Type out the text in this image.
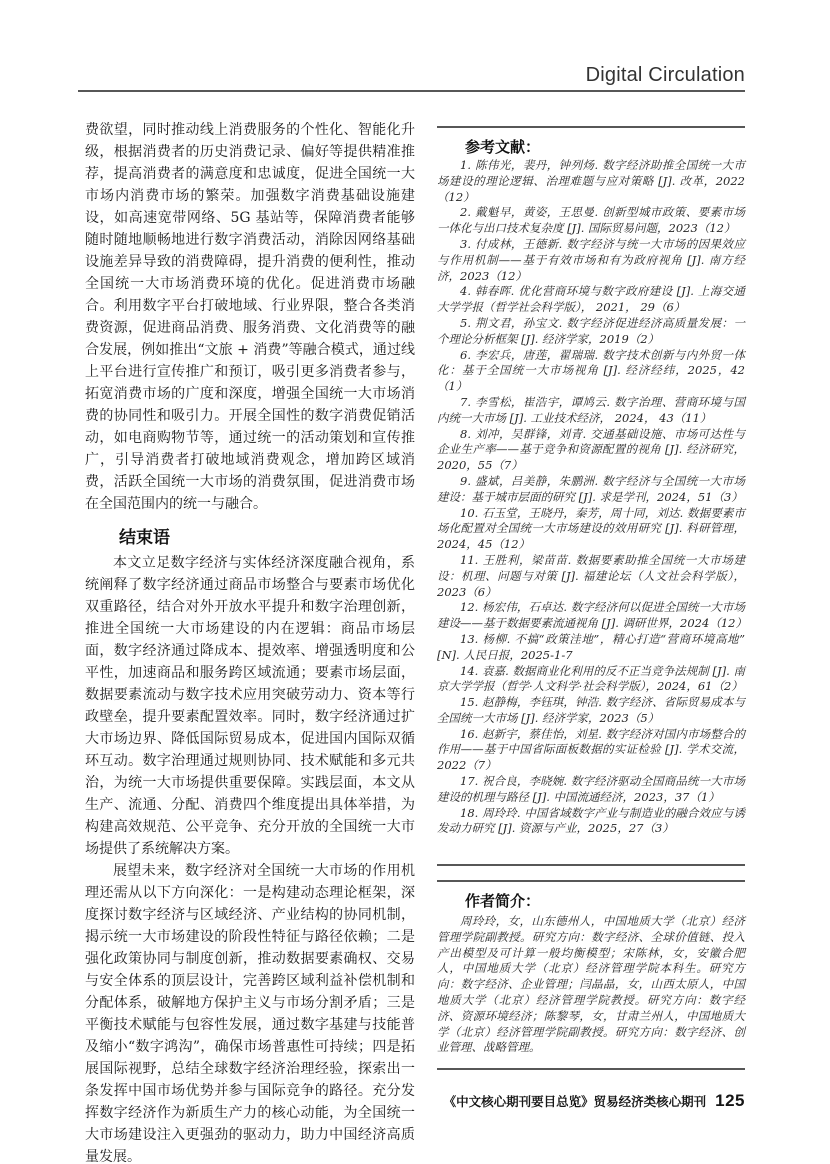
Digital Circulation

费欲望，同时推动线上消费服务的个性化、智能化升级，根据消费者的历史消费记录、偏好等提供精准推荐，提高消费者的满意度和忠诚度，促进全国统一大市场内消费市场的繁荣。加强数字消费基础设施建设，如高速宽带网络、5G 基站等，保障消费者能够随时随地顺畅地进行数字消费活动，消除因网络基础设施差异导致的消费障碍，提升消费的便利性，推动全国统一大市场消费环境的优化。促进消费市场融合。利用数字平台打破地域、行业界限，整合各类消费资源，促进商品消费、服务消费、文化消费等的融合发展，例如推出“文旅 + 消费”等融合模式，通过线上平台进行宣传推广和预订，吸引更多消费者参与，拓宽消费市场的广度和深度，增强全国统一大市场消费的协同性和吸引力。开展全国性的数字消费促销活动，如电商购物节等，通过统一的活动策划和宣传推广，引导消费者打破地域消费观念，增加跨区域消费，活跃全国统一大市场的消费氛围，促进消费市场在全国范围内的统一与融合。

结束语

本文立足数字经济与实体经济深度融合视角，系统阐释了数字经济通过商品市场整合与要素市场优化双重路径，结合对外开放水平提升和数字治理创新，推进全国统一大市场建设的内在逻辑：商品市场层面，数字经济通过降成本、提效率、增强透明度和公平性，加速商品和服务跨区域流通；要素市场层面，数据要素流动与数字技术应用突破劳动力、资本等行政壁垒，提升要素配置效率。同时，数字经济通过扩大市场边界、降低国际贸易成本，促进国内国际双循环互动。数字治理通过规则协同、技术赋能和多元共治，为统一大市场提供重要保障。实践层面，本文从生产、流通、分配、消费四个维度提出具体举措，为构建高效规范、公平竞争、充分开放的全国统一大市场提供了系统解决方案。

展望未来，数字经济对全国统一大市场的作用机理还需从以下方向深化：一是构建动态理论框架，深度探讨数字经济与区域经济、产业结构的协同机制，揭示统一大市场建设的阶段性特征与路径依赖；二是强化政策协同与制度创新，推动数据要素确权、交易与安全体系的顶层设计，完善跨区域利益补偿机制和分配体系，破解地方保护主义与市场分割矛盾；三是平衡技术赋能与包容性发展，通过数字基建与技能普及缩小“数字鸿沟”，确保市场普惠性可持续；四是拓展国际视野，总结全球数字经济治理经验，探索出一条发挥中国市场优势并参与国际竞争的路径。充分发挥数字经济作为新质生产力的核心动能，为全国统一大市场建设注入更强劲的驱动力，助力中国经济高质量发展。

参考文献：

1. 陈伟光，裴丹，钟列炀. 数字经济助推全国统一大市场建设的理论逻辑、治理难题与应对策略 [J]. 改革，2022（12）

2. 戴魁早，黄姿，王思曼. 创新型城市政策、要素市场一体化与出口技术复杂度 [J]. 国际贸易问题，2023（12）

3. 付成林，王德新. 数字经济与统一大市场的因果效应与作用机制——基于有效市场和有为政府视角 [J]. 南方经济，2023（12）

4. 韩春晖. 优化营商环境与数字政府建设 [J]. 上海交通大学学报（哲学社会科学版）， 2021， 29（6）

5. 荆文君，孙宝文. 数字经济促进经济高质量发展：一个理论分析框架 [J]. 经济学家，2019（2）

6. 李宏兵，唐莲，翟瑞瑞. 数字技术创新与内外贸一体化：基于全国统一大市场视角 [J]. 经济经纬，2025，42（1）

7. 李雪松，崔浩宇，谭鸠云. 数字治理、营商环境与国内统一大市场 [J]. 工业技术经济， 2024， 43（11）

8. 刘冲，吴群锋，刘青. 交通基础设施、市场可达性与企业生产率——基于竞争和资源配置的视角 [J]. 经济研究，2020，55（7）

9. 盛斌，吕美静，朱鹏洲. 数字经济与全国统一大市场建设：基于城市层面的研究 [J]. 求是学刊，2024，51（3）

10. 石玉堂，王晓丹，秦芳，周十同，刘达. 数据要素市场化配置对全国统一大市场建设的效用研究 [J]. 科研管理，2024，45（12）

11. 王胜利，梁苗苗. 数据要素助推全国统一大市场建设：机理、问题与对策 [J]. 福建论坛（人文社会科学版），2023（6）

12. 杨宏伟，石卓达. 数字经济何以促进全国统一大市场建设——基于数据要素流通视角 [J]. 调研世界，2024（12）

13. 杨柳. 不搞“政策洼地”，精心打造“营商环境高地” [N]. 人民日报，2025-1-7

14. 袁嘉. 数据商业化利用的反不正当竞争法规制 [J]. 南京大学学报（哲学·人文科学·社会科学版），2024，61（2）

15. 赵静梅，李钰琪，钟浩. 数字经济、省际贸易成本与全国统一大市场 [J]. 经济学家，2023（5）

16. 赵新宇，蔡佳怡，刘星. 数字经济对国内市场整合的作用——基于中国省际面板数据的实证检验 [J]. 学术交流，2022（7）

17. 祝合良，李晓婉. 数字经济驱动全国商品统一大市场建设的机理与路径 [J]. 中国流通经济，2023，37（1）

18. 周玲玲. 中国省域数字产业与制造业的融合效应与诱发动力研究 [J]. 资源与产业，2025，27（3）

作者简介：

周玲玲，女，山东德州人，中国地质大学（北京）经济管理学院副教授。研究方向：数字经济、全球价值链、投入产出模型及可计算一般均衡模型；宋陈林，女，安徽合肥人，中国地质大学（北京）经济管理学院本科生。研究方向：数字经济、企业管理；闫晶晶，女，山西太原人，中国地质大学（北京）经济管理学院教授。研究方向：数字经济、资源环境经济；陈黎琴，女，甘肃兰州人，中国地质大学（北京）经济管理学院副教授。研究方向：数字经济、创业管理、战略管理。

《中文核心期刊要目总览》贸易经济类核心期刊 125
